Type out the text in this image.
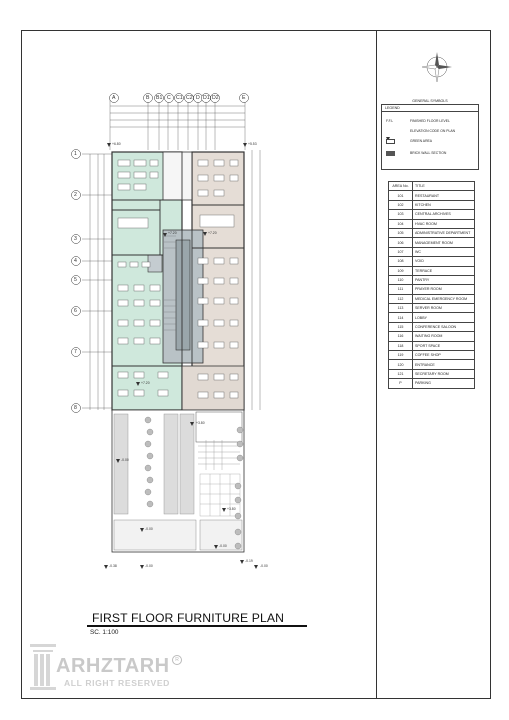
A	B B1 C C1 C2 D D1 D2	E
1
2
3
4
5
6
7
8
+6.80	+5.53
+7.20	+7.20
+7.20
+3.80
+3.80
-0.00
-0.00
-0.00
-0.38	-0.00
-0.19
-0.00
GENERAL SYMBOLS
LEGEND
F.F.L	FINISHED FLOOR LEVEL
ELEVATION CODE ON PLAN
GREEN AREA
BRICK WALL SECTION
AREA No.	TITLE
101	RESTAURANT
102	KITCHEN
103	CENTRAL ARCHIVES
104	HVAC ROOM
105	ADMINISTRATIVE DEPARTMENT
106	MANAGEMENT ROOM
107	WC
108	VOID
109	TERRACE
110	PANTRY
111	PRAYER ROOM
112	MEDICAL EMERGENCY ROOM
113	SERVER ROOM
114	LOBBY
115	CONFERENCE SALOON
116	WAITING ROOM
118	SPORT SPACE
119	COFFEE SHOP
120	ENTRANCE
121	SECRETARY ROOM
P	PARKING
FIRST FLOOR FURNITURE PLAN
SC. 1:100
ARHZTARH
ALL RIGHT RESERVED
R
